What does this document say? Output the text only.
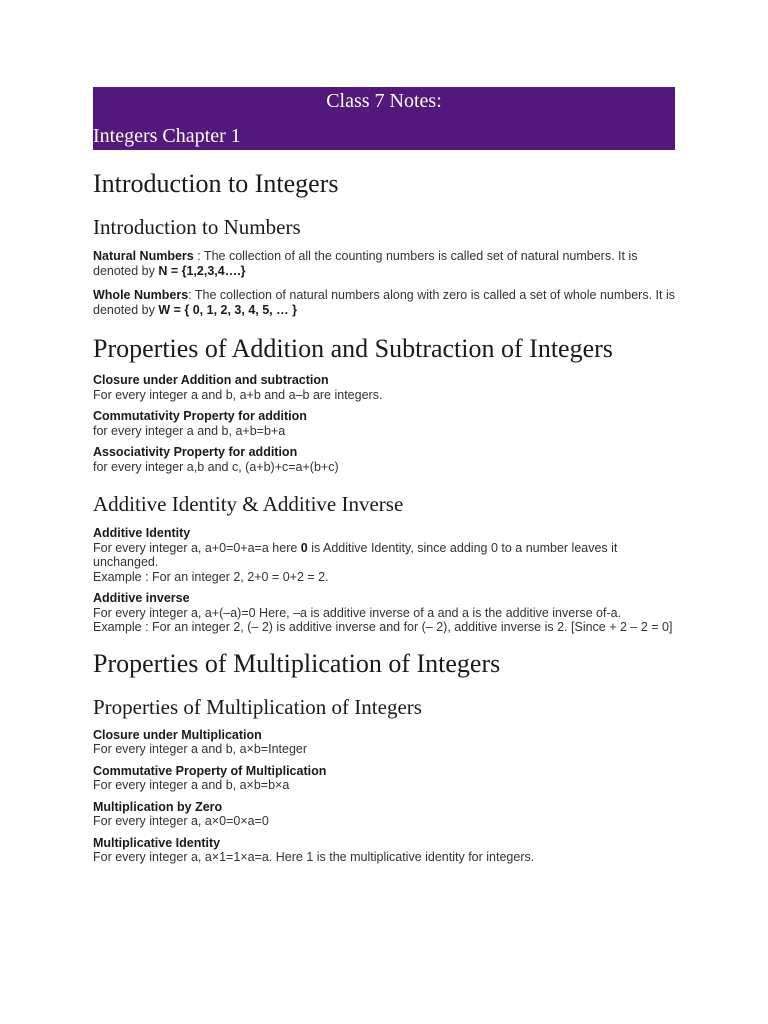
Class 7 Notes:
Integers Chapter 1
Introduction to Integers
Introduction to Numbers

Natural Numbers : The collection of all the counting numbers is called set of natural numbers. It is denoted by N = {1,2,3,4….}

Whole Numbers: The collection of natural numbers along with zero is called a set of whole numbers. It is denoted by W = { 0, 1, 2, 3, 4, 5, … }

Properties of Addition and Subtraction of Integers

Closure under Addition and subtraction

For every integer a and b, a+b and a–b are integers.

Commutativity Property for addition

for every integer a and b, a+b=b+a

Associativity Property for addition

for every integer a,b and c, (a+b)+c=a+(b+c)

Additive Identity & Additive Inverse

Additive Identity

For every integer a, a+0=0+a=a here 0 is Additive Identity, since adding 0 to a number leaves it unchanged.

Example : For an integer 2, 2+0 = 0+2 = 2.

Additive inverse

For every integer a, a+(–a)=0 Here, –a is additive inverse of a and a is the additive inverse of-a.

Example : For an integer 2, (– 2) is additive inverse and for (– 2), additive inverse is 2. [Since + 2 – 2 = 0]

Properties of Multiplication of Integers
Properties of Multiplication of Integers

Closure under Multiplication

For every integer a and b, a×b=Integer

Commutative Property of Multiplication

For every integer a and b, a×b=b×a

Multiplication by Zero

For every integer a, a×0=0×a=0

Multiplicative Identity

For every integer a, a×1=1×a=a. Here 1 is the multiplicative identity for integers.
